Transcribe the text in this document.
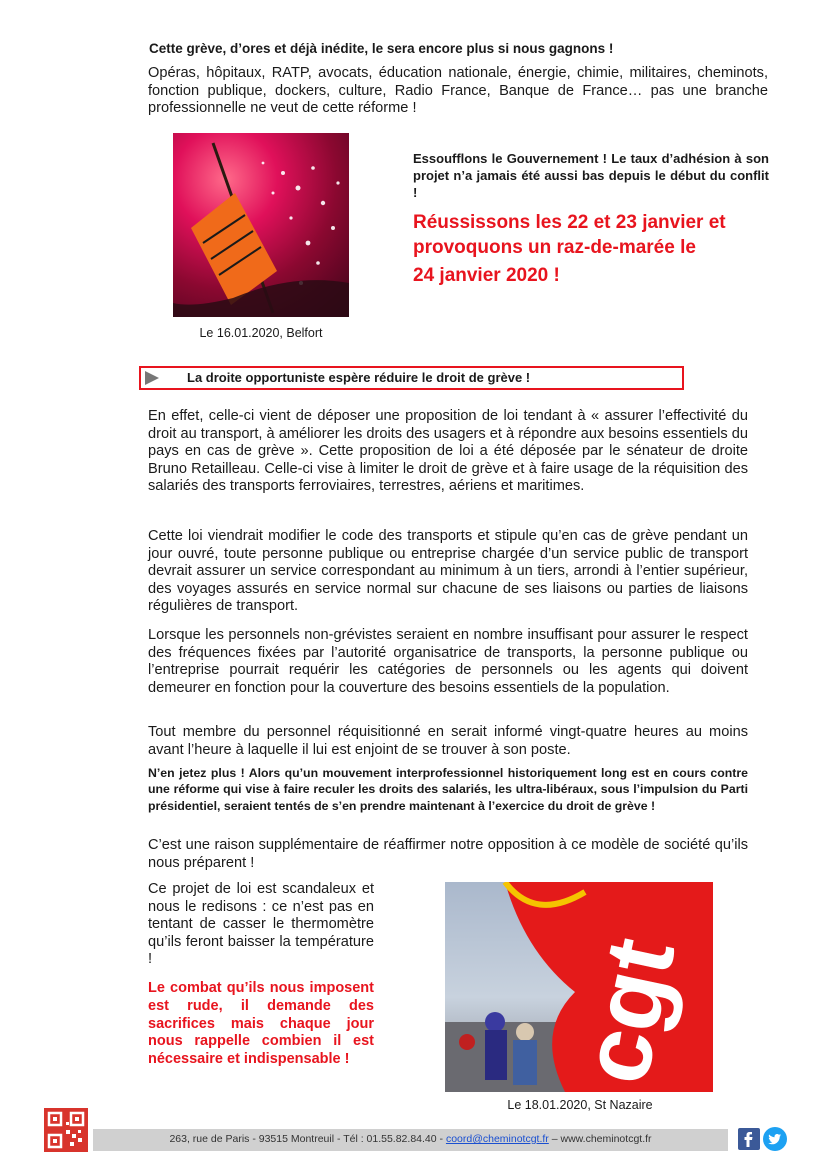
Cette grève, d’ores et déjà inédite, le sera encore plus si nous gagnons !

Opéras, hôpitaux, RATP, avocats, éducation nationale, énergie, chimie, militaires, cheminots, fonction publique, dockers, culture, Radio France, Banque de France… pas une branche professionnelle ne veut de cette réforme !

Le 16.01.2020, Belfort

Essoufflons le Gouvernement ! Le taux d’adhésion à son projet n’a jamais été aussi bas depuis le début du conflit !

Réussissons les 22 et 23 janvier et
provoquons un raz-de-marée le
24 janvier 2020 !
La droite opportuniste espère réduire le droit de grève !

En effet, celle-ci vient de déposer une proposition de loi tendant à « assurer l’effectivité du droit au transport, à améliorer les droits des usagers et à répondre aux besoins essentiels du pays en cas de grève ». Cette proposition de loi a été déposée par le sénateur de droite Bruno Retailleau. Celle-ci vise à limiter le droit de grève et à faire usage de la réquisition des salariés des transports ferroviaires, terrestres, aériens et maritimes.

Cette loi viendrait modifier le code des transports et stipule qu’en cas de grève pendant un jour ouvré, toute personne publique ou entreprise chargée d’un service public de transport devrait assurer un service correspondant au minimum à un tiers, arrondi à l’entier supérieur, des voyages assurés en service normal sur chacune de ses liaisons ou parties de liaisons régulières de transport.

Lorsque les personnels non-grévistes seraient en nombre insuffisant pour assurer le respect des fréquences fixées par l’autorité organisatrice de transports, la personne publique ou l’entreprise pourrait requérir les catégories de personnels ou les agents qui doivent demeurer en fonction pour la couverture des besoins essentiels de la population.

Tout membre du personnel réquisitionné en serait informé vingt-quatre heures au moins avant l’heure à laquelle il lui est enjoint de se trouver à son poste.

N’en jetez plus ! Alors qu’un mouvement interprofessionnel historiquement long est en cours contre une réforme qui vise à faire reculer les droits des salariés, les ultra-libéraux, sous l’impulsion du Parti présidentiel, seraient tentés de s’en prendre maintenant à l’exercice du droit de grève !

C’est une raison supplémentaire de réaffirmer notre opposition à ce modèle de société qu’ils nous préparent !

Ce projet de loi est scandaleux et nous le redisons : ce n’est pas en tentant de casser le thermomètre qu’ils feront baisser la température !

Le combat qu’ils nous imposent est rude, il demande des sacrifices mais chaque jour nous rappelle combien il est nécessaire et indispensable ! cgt

Le 18.01.2020, St Nazaire

263, rue de Paris - 93515 Montreuil - Tél : 01.55.82.84.40 - coord@cheminotcgt.fr – www.cheminotcgt.fr
